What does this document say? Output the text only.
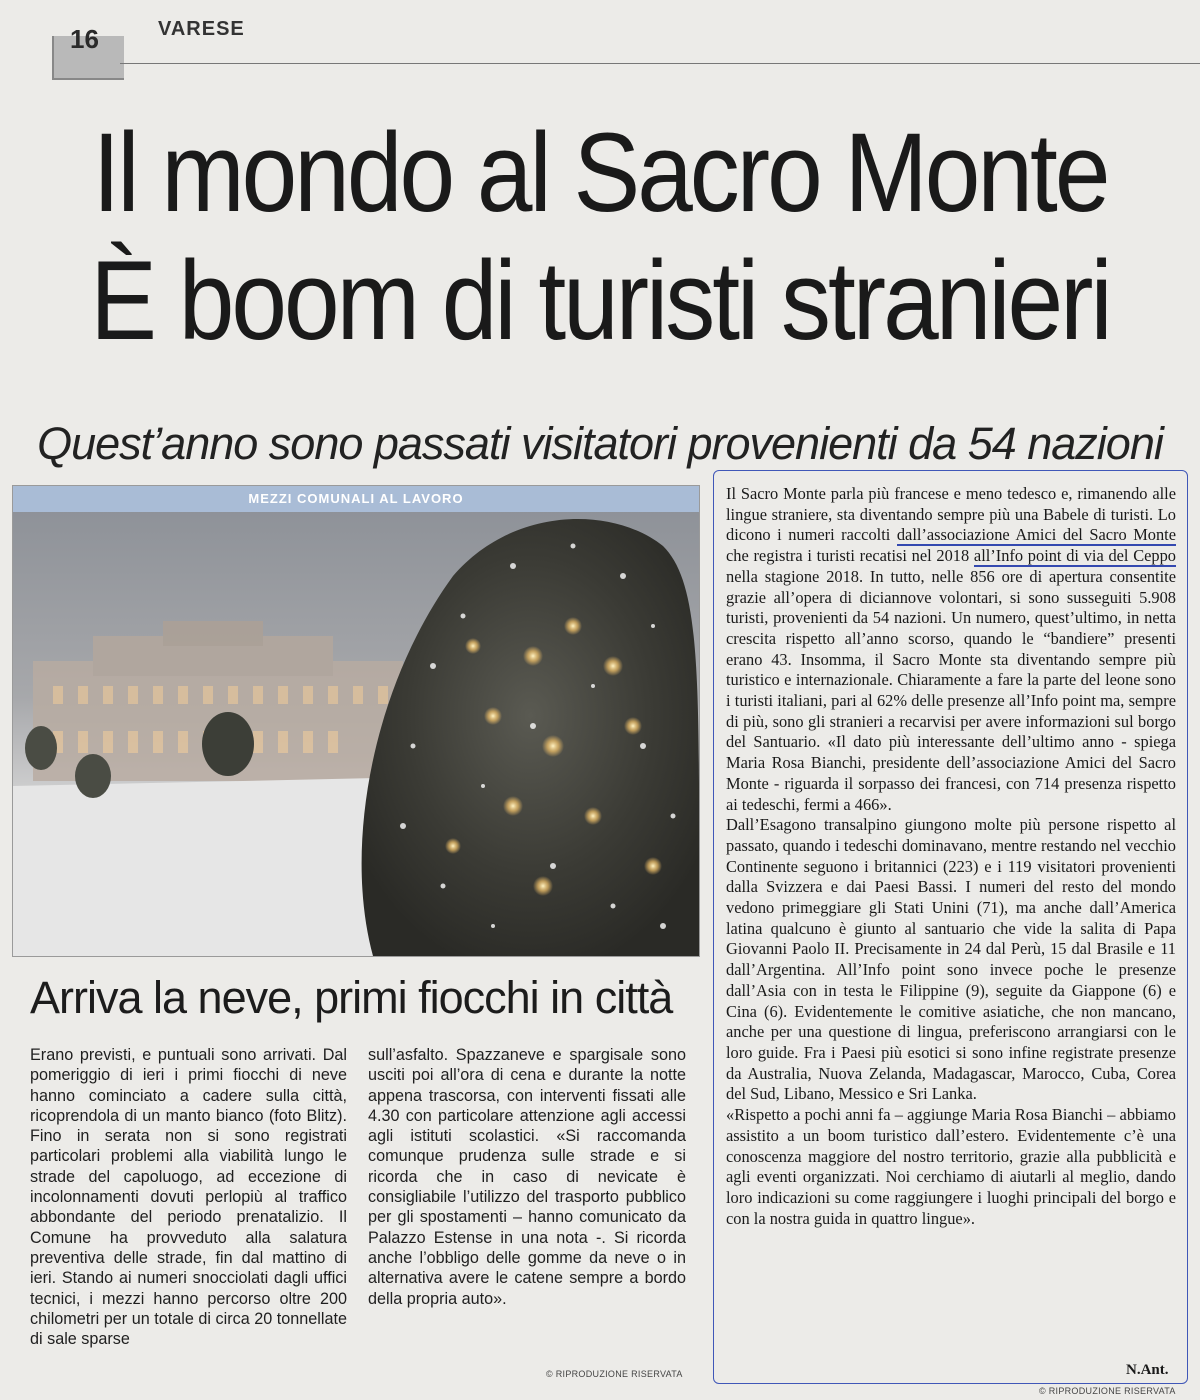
16	VARESE
Il mondo al Sacro Monte
È boom di turisti stranieri
Quest’anno sono passati visitatori provenienti da 54 nazioni
MEZZI COMUNALI AL LAVORO
Arriva la neve, primi fiocchi in città
Erano previsti, e puntuali sono arrivati. Dal pomeriggio di ieri i primi fiocchi di neve hanno cominciato a cadere sulla città, ricoprendola di un manto bianco (foto Blitz). Fino in serata non si sono registrati particolari problemi alla viabilità lungo le strade del capoluogo, ad eccezione di incolonnamenti dovuti perlopiù al traffico abbondante del periodo prenatalizio. Il Comune ha provveduto alla salatura preventiva delle strade, fin dal mattino di ieri. Stando ai numeri snocciolati dagli uffici tecnici, i mezzi hanno percorso oltre 200 chilometri per un totale di circa 20 tonnellate di sale sparse
sull’asfalto. Spazzaneve e spargisale sono usciti poi all’ora di cena e durante la notte appena trascorsa, con interventi fissati alle 4.30 con particolare attenzione agli accessi agli istituti scolastici. «Si raccomanda comunque prudenza sulle strade e si ricorda che in caso di nevicate è consigliabile l’utilizzo del trasporto pubblico per gli spostamenti – hanno comunicato da Palazzo Estense in una nota -. Si ricorda anche l’obbligo delle gomme da neve o in alternativa avere le catene sempre a bordo della propria auto».
© RIPRODUZIONE RISERVATA

Il Sacro Monte parla più francese e meno tedesco e, rimanendo alle lingue straniere, sta diventando sempre più una Babele di turisti. Lo dicono i numeri raccolti dall’associazione Amici del Sacro Monte che registra i turisti recatisi nel 2018 all’Info point di via del Ceppo nella stagione 2018. In tutto, nelle 856 ore di apertura consentite grazie all’opera di diciannove volontari, si sono susseguiti 5.908 turisti, provenienti da 54 nazioni. Un numero, quest’ultimo, in netta crescita rispetto all’anno scorso, quando le “bandiere” presenti erano 43. Insomma, il Sacro Monte sta diventando sempre più turistico e internazionale. Chiaramente a fare la parte del leone sono i turisti italiani, pari al 62% delle presenze all’Info point ma, sempre di più, sono gli stranieri a recarvisi per avere informazioni sul borgo del Santuario. «Il dato più interessante dell’ultimo anno - spiega Maria Rosa Bianchi, presidente dell’associazione Amici del Sacro Monte - riguarda il sorpasso dei francesi, con 714 presenza rispetto ai tedeschi, fermi a 466».

Dall’Esagono transalpino giungono molte più persone rispetto al passato, quando i tedeschi dominavano, mentre restando nel vecchio Continente seguono i britannici (223) e i 119 visitatori provenienti dalla Svizzera e dai Paesi Bassi. I numeri del resto del mondo vedono primeggiare gli Stati Unini (71), ma anche dall’America latina qualcuno è giunto al santuario che vide la salita di Papa Giovanni Paolo II. Precisamente in 24 dal Perù, 15 dal Brasile e 11 dall’Argentina. All’Info point sono invece poche le presenze dall’Asia con in testa le Filippine (9), seguite da Giappone (6) e Cina (6). Evidentemente le comitive asiatiche, che non mancano, anche per una questione di lingua, preferiscono arrangiarsi con le loro guide. Fra i Paesi più esotici si sono infine registrate presenze da Australia, Nuova Zelanda, Madagascar, Marocco, Cuba, Corea del Sud, Libano, Messico e Sri Lanka.

«Rispetto a pochi anni fa – aggiunge Maria Rosa Bianchi – abbiamo assistito a un boom turistico dall’estero. Evidentemente c’è una conoscenza maggiore del nostro territorio, grazie alla pubblicità e agli eventi organizzati. Noi cerchiamo di aiutarli al meglio, dando loro indicazioni su come raggiungere i luoghi principali del borgo e con la nostra guida in quattro lingue».

N.Ant.
© RIPRODUZIONE RISERVATA
